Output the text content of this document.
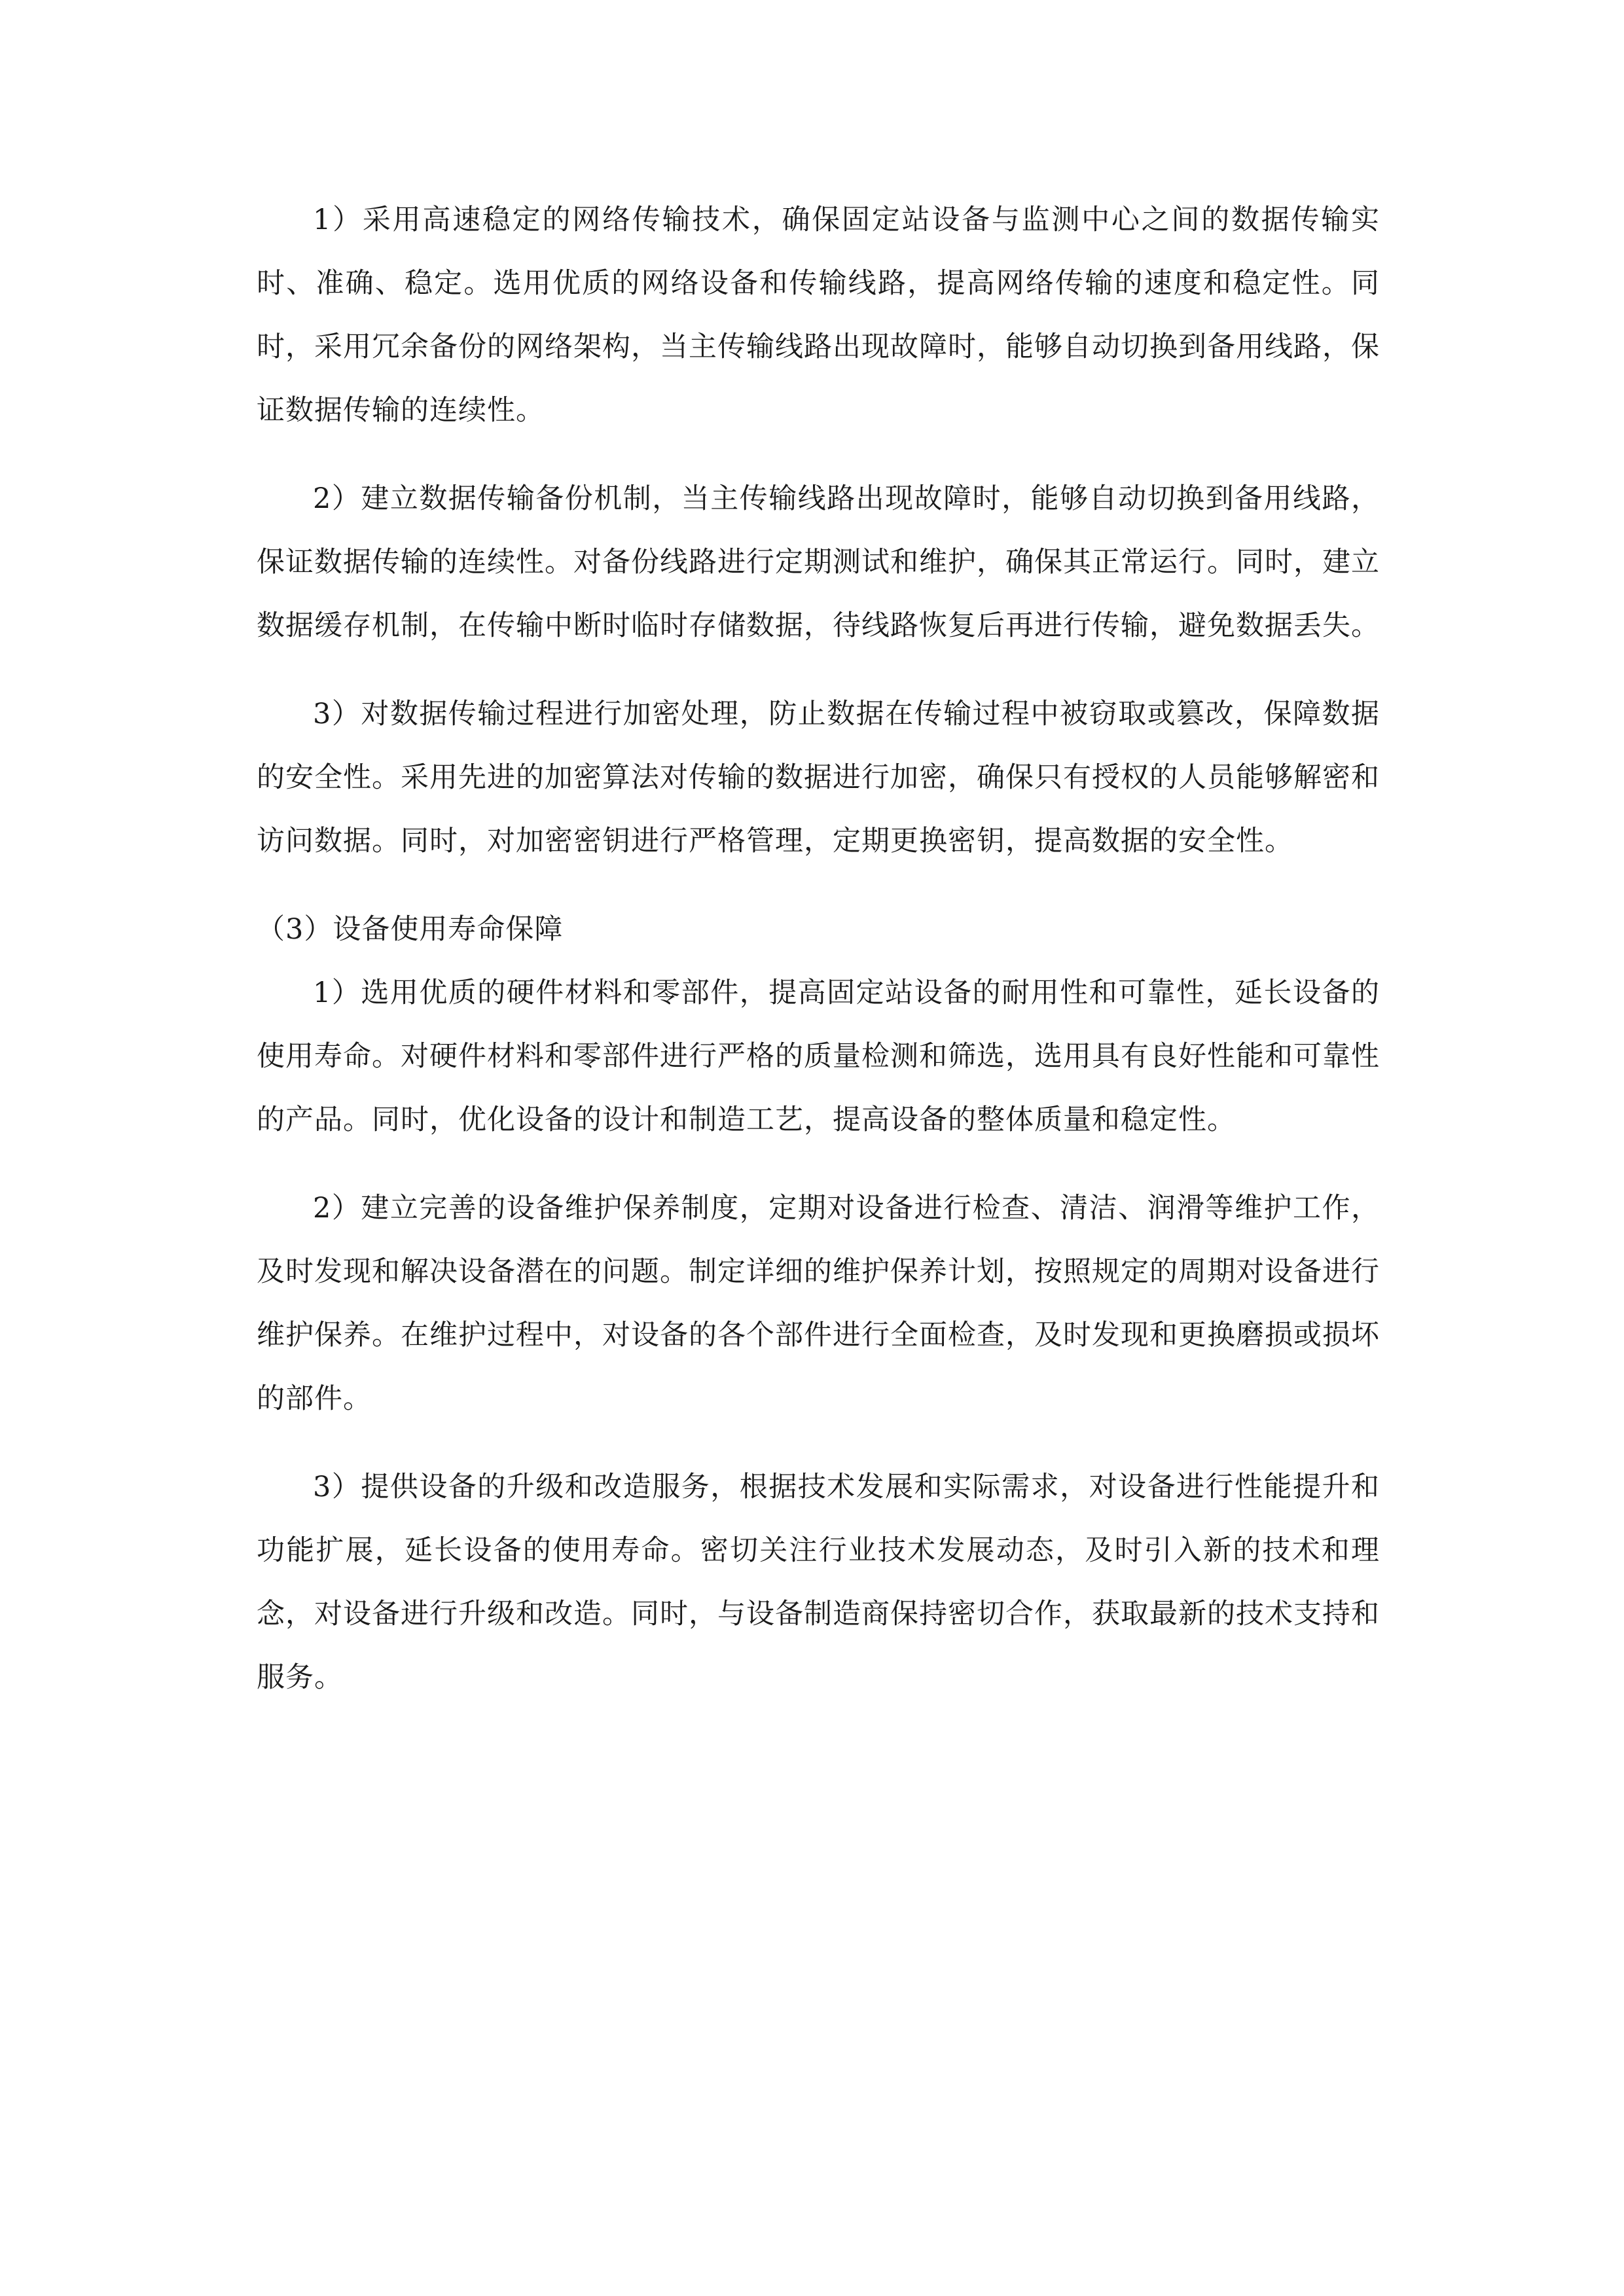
1）采用高速稳定的网络传输技术，确保固定站设备与监测中心之间的数据传输实时、准确、稳定。选用优质的网络设备和传输线路，提高网络传输的速度和稳定性。同时，采用冗余备份的网络架构，当主传输线路出现故障时，能够自动切换到备用线路，保证数据传输的连续性。

2）建立数据传输备份机制，当主传输线路出现故障时，能够自动切换到备用线路，保证数据传输的连续性。对备份线路进行定期测试和维护，确保其正常运行。同时，建立数据缓存机制，在传输中断时临时存储数据，待线路恢复后再进行传输，避免数据丢失。

3）对数据传输过程进行加密处理，防止数据在传输过程中被窃取或篡改，保障数据的安全性。采用先进的加密算法对传输的数据进行加密，确保只有授权的人员能够解密和访问数据。同时，对加密密钥进行严格管理，定期更换密钥，提高数据的安全性。

（3）设备使用寿命保障

1）选用优质的硬件材料和零部件，提高固定站设备的耐用性和可靠性，延长设备的使用寿命。对硬件材料和零部件进行严格的质量检测和筛选，选用具有良好性能和可靠性的产品。同时，优化设备的设计和制造工艺，提高设备的整体质量和稳定性。

2）建立完善的设备维护保养制度，定期对设备进行检查、清洁、润滑等维护工作，及时发现和解决设备潜在的问题。制定详细的维护保养计划，按照规定的周期对设备进行维护保养。在维护过程中，对设备的各个部件进行全面检查，及时发现和更换磨损或损坏的部件。

3）提供设备的升级和改造服务，根据技术发展和实际需求，对设备进行性能提升和功能扩展，延长设备的使用寿命。密切关注行业技术发展动态，及时引入新的技术和理念，对设备进行升级和改造。同时，与设备制造商保持密切合作，获取最新的技术支持和服务。
